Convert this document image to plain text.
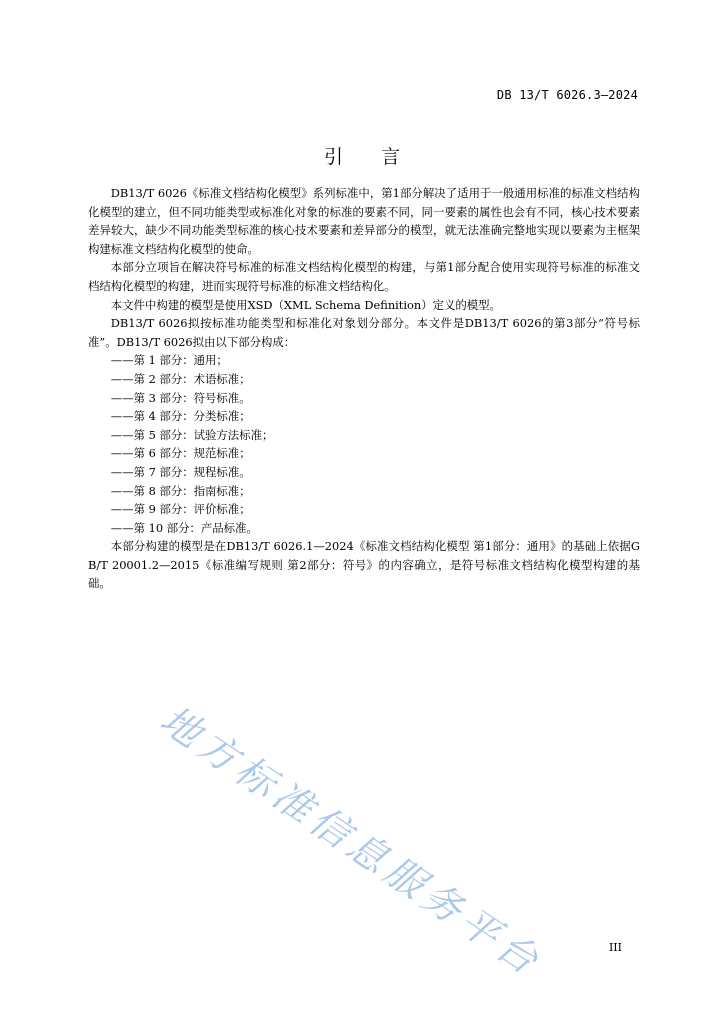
DB 13/T 6026.3—2024
引言

DB13/T 6026《标准文档结构化模型》系列标准中，第1部分解决了适用于一般通用标准的标准文档结构化模型的建立，但不同功能类型或标准化对象的标准的要素不同，同一要素的属性也会有不同，核心技术要素差异较大，缺少不同功能类型标准的核心技术要素和差异部分的模型，就无法准确完整地实现以要素为主框架构建标准文档结构化模型的使命。

本部分立项旨在解决符号标准的标准文档结构化模型的构建，与第1部分配合使用实现符号标准的标准文档结构化模型的构建，进而实现符号标准的标准文档结构化。

本文件中构建的模型是使用XSD（XML Schema Definition）定义的模型。

DB13/T 6026拟按标准功能类型和标准化对象划分部分。本文件是DB13/T 6026的第3部分“符号标准”。DB13/T 6026拟由以下部分构成：

——第 1 部分：通用；
——第 2 部分：术语标准；
——第 3 部分：符号标准。
——第 4 部分：分类标准；
——第 5 部分：试验方法标准；
——第 6 部分：规范标准；
——第 7 部分：规程标准。
——第 8 部分：指南标准；
——第 9 部分：评价标准；
——第 10 部分：产品标准。

本部分构建的模型是在DB13/T 6026.1—2024《标准文档结构化模型 第1部分：通用》的基础上依据GB/T 20001.2—2015《标准编写规则 第2部分：符号》的内容确立，是符号标准文档结构化模型构建的基础。

地方标准信息服务平台	III
